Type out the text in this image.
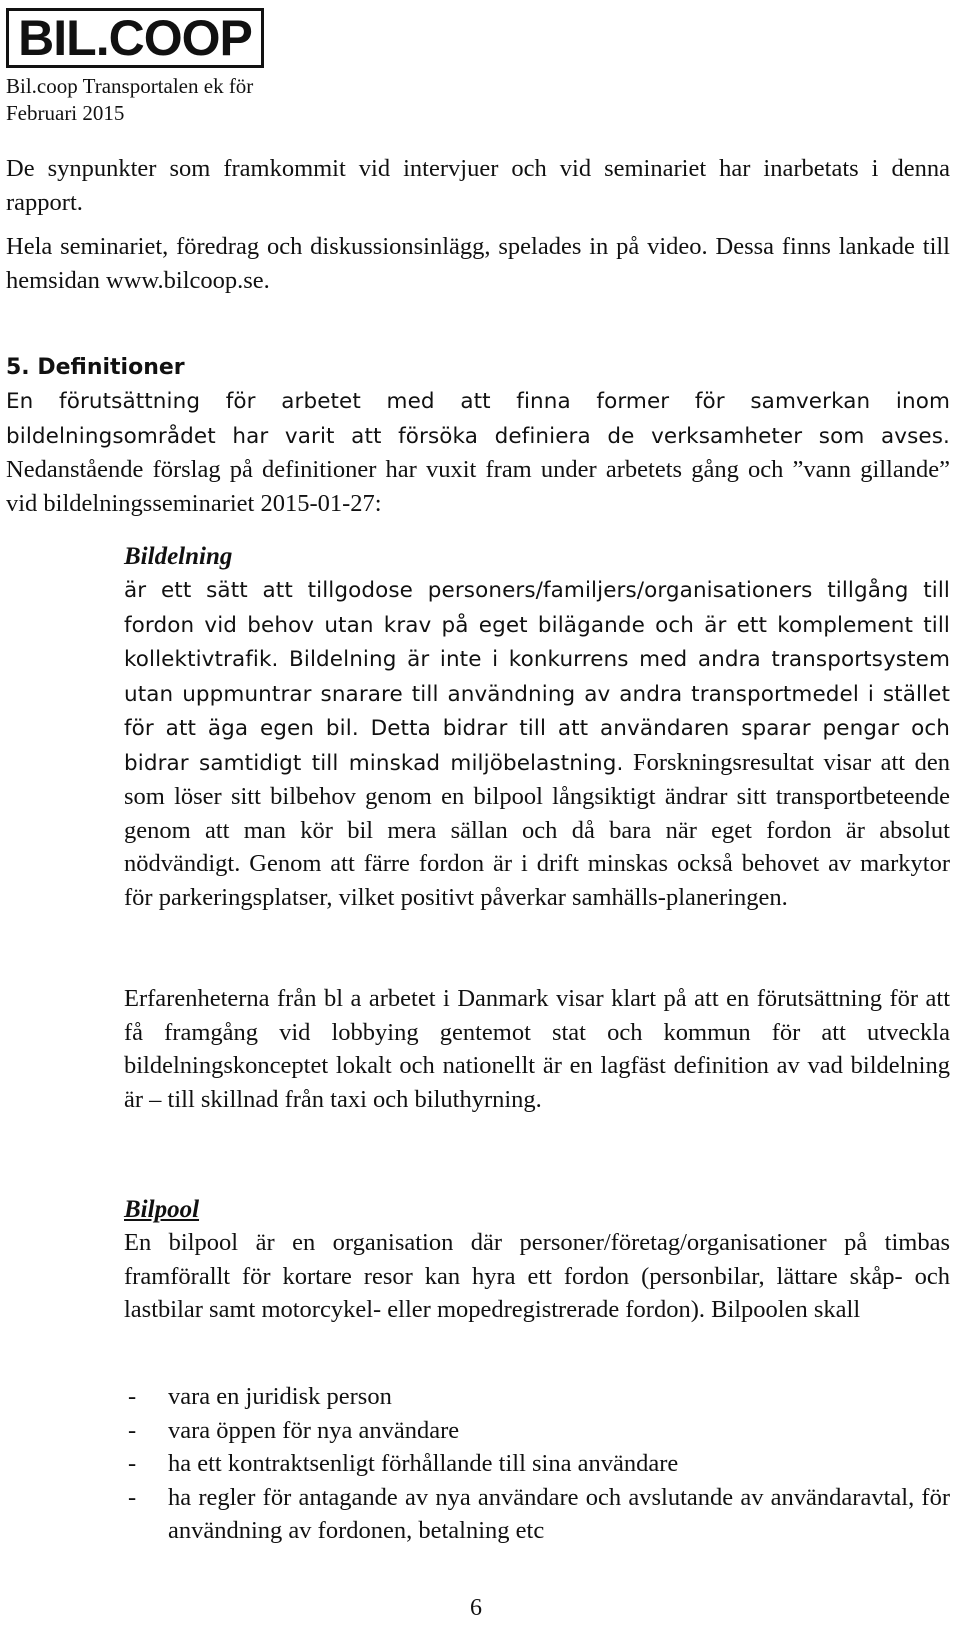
BIL.COOP
Bil.coop Transportalen ek för
Februari 2015

De synpunkter som framkommit vid intervjuer och vid seminariet har inarbetats i denna rapport.

Hela seminariet, föredrag och diskussionsinlägg, spelades in på video. Dessa finns lankade till hemsidan www.bilcoop.se.

5. Definitioner

En förutsättning för arbetet med att finna former för samverkan inom bildelningsområdet har varit att försöka definiera de verksamheter som avses. Nedanstående förslag på definitioner har vuxit fram under arbetets gång och ”vann gillande” vid bildelningsseminariet 2015-01-27:

Bildelning

är ett sätt att tillgodose personers/familjers/organisationers tillgång till fordon vid behov utan krav på eget bilägande och är ett komplement till kollektivtrafik. Bildelning är inte i konkurrens med andra transportsystem utan uppmuntrar snarare till användning av andra transportmedel i stället för att äga egen bil. Detta bidrar till att användaren sparar pengar och bidrar samtidigt till minskad miljöbelastning. Forskningsresultat visar att den som löser sitt bilbehov genom en bilpool långsiktigt ändrar sitt transportbeteende genom att man kör bil mera sällan och då bara när eget fordon är absolut nödvändigt. Genom att färre fordon är i drift minskas också behovet av markytor för parkeringsplatser, vilket positivt påverkar samhälls-planeringen.

Erfarenheterna från bl a arbetet i Danmark visar klart på att en förutsättning för att få framgång vid lobbying gentemot stat och kommun för att utveckla bildelningskonceptet lokalt och nationellt är en lagfäst definition av vad bildelning är – till skillnad från taxi och biluthyrning.

Bilpool

En bilpool är en organisation där personer/företag/organisationer på timbas framförallt för kortare resor kan hyra ett fordon (personbilar, lättare skåp- och lastbilar samt motorcykel- eller mopedregistrerade fordon). Bilpoolen skall

- vara en juridisk person
- vara öppen för nya användare
- ha ett kontraktsenligt förhållande till sina användare
- ha regler för antagande av nya användare och avslutande av användaravtal, för användning av fordonen, betalning etc
6
